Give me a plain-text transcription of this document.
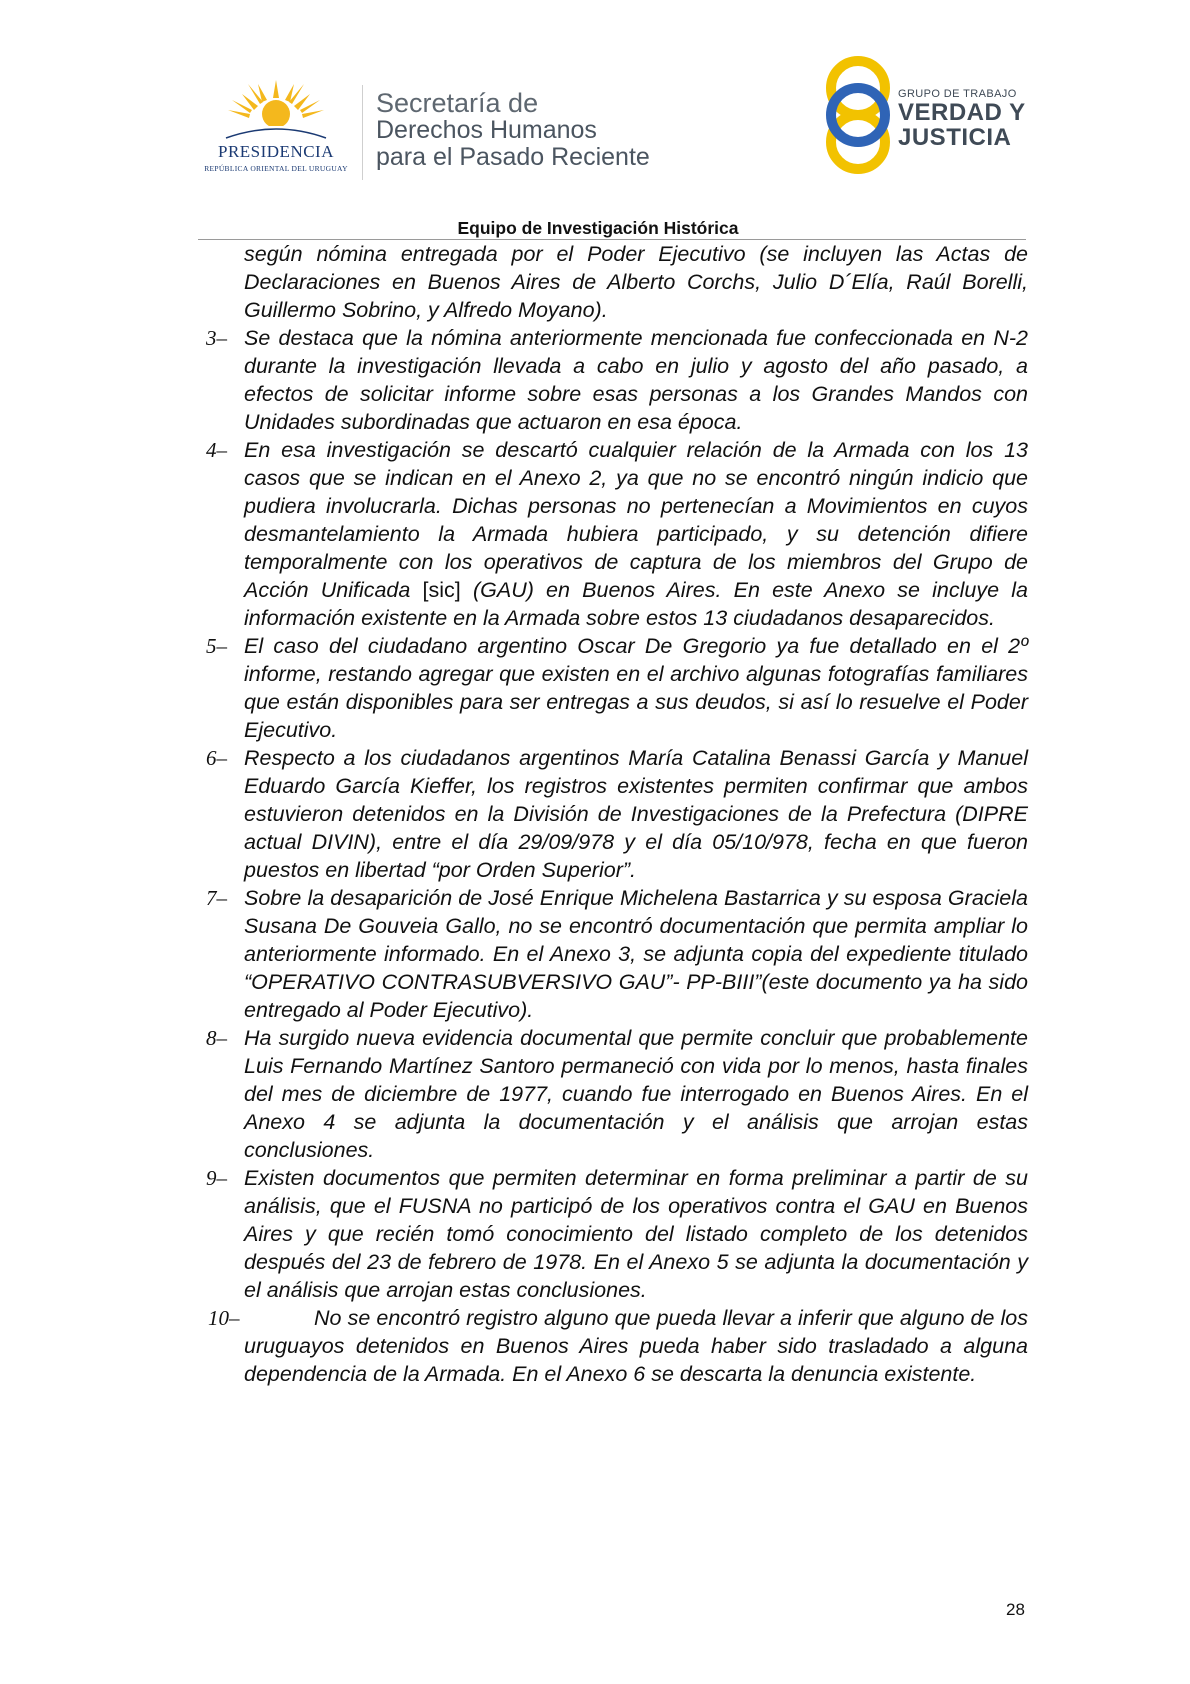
PRESIDENCIA
REPÚBLICA ORIENTAL DEL URUGUAY
Secretaría de
Derechos Humanos
para el Pasado Reciente
GRUPO DE TRABAJO
VERDAD Y
JUSTICIA
Equipo de Investigación Histórica
según nómina entregada por el Poder Ejecutivo (se incluyen las Actas de Declaraciones en Buenos Aires de Alberto Corchs, Julio D´Elía, Raúl Borelli, Guillermo Sobrino, y Alfredo Moyano).
3– Se destaca que la nómina anteriormente mencionada fue confeccionada en N-2 durante la investigación llevada a cabo en julio y agosto del año pasado, a efectos de solicitar informe sobre esas personas a los Grandes Mandos con Unidades subordinadas que actuaron en esa época.
4– En esa investigación se descartó cualquier relación de la Armada con los 13 casos que se indican en el Anexo 2, ya que no se encontró ningún indicio que pudiera involucrarla. Dichas personas no pertenecían a Movimientos en cuyos desmantelamiento la Armada hubiera participado, y su detención difiere temporalmente con los operativos de captura de los miembros del Grupo de Acción Unificada [sic] (GAU) en Buenos Aires. En este Anexo se incluye la información existente en la Armada sobre estos 13 ciudadanos desaparecidos.
5– El caso del ciudadano argentino Oscar De Gregorio ya fue detallado en el 2º informe, restando agregar que existen en el archivo algunas fotografías familiares que están disponibles para ser entregas a sus deudos, si así lo resuelve el Poder Ejecutivo.
6– Respecto a los ciudadanos argentinos María Catalina Benassi García y Manuel Eduardo García Kieffer, los registros existentes permiten confirmar que ambos estuvieron detenidos en la División de Investigaciones de la Prefectura (DIPRE actual DIVIN), entre el día 29/09/978 y el día 05/10/978, fecha en que fueron puestos en libertad “por Orden Superior”.
7– Sobre la desaparición de José Enrique Michelena Bastarrica y su esposa Graciela Susana De Gouveia Gallo, no se encontró documentación que permita ampliar lo anteriormente informado. En el Anexo 3, se adjunta copia del expediente titulado “OPERATIVO CONTRASUBVERSIVO GAU”- PP-BIII”(este documento ya ha sido entregado al Poder Ejecutivo).
8– Ha surgido nueva evidencia documental que permite concluir que probablemente Luis Fernando Martínez Santoro permaneció con vida por lo menos, hasta finales del mes de diciembre de 1977, cuando fue interrogado en Buenos Aires. En el Anexo 4 se adjunta la documentación y el análisis que arrojan estas conclusiones.
9– Existen documentos que permiten determinar en forma preliminar a partir de su análisis, que el FUSNA no participó de los operativos contra el GAU en Buenos Aires y que recién tomó conocimiento del listado completo de los detenidos después del 23 de febrero de 1978. En el Anexo 5 se adjunta la documentación y el análisis que arrojan estas conclusiones.
10–	No se encontró registro alguno que pueda llevar a inferir que alguno de los uruguayos detenidos en Buenos Aires pueda haber sido trasladado a alguna dependencia de la Armada. En el Anexo 6 se descarta la denuncia existente.
28
